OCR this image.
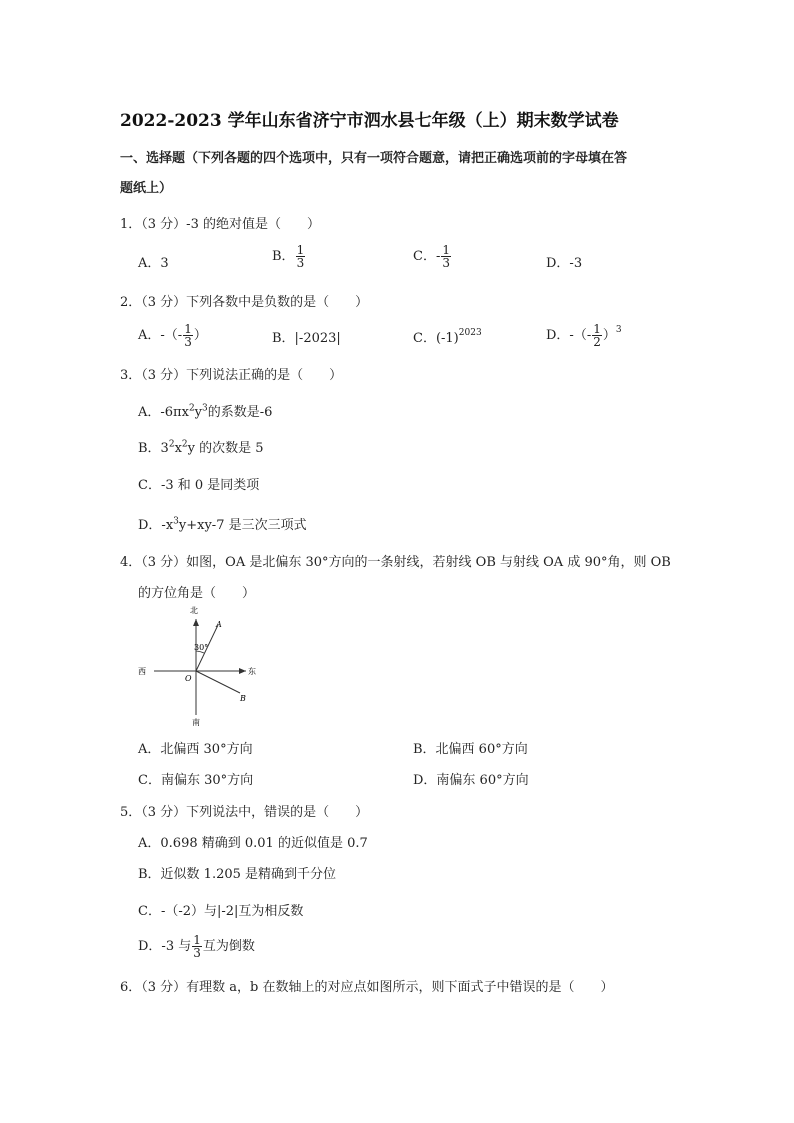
2022-2023 学年山东省济宁市泗水县七年级（上）期末数学试卷
一、选择题（下列各题的四个选项中，只有一项符合题意，请把正确选项前的字母填在答
题纸上）
1．（3 分）-3 的绝对值是（　　）
A．3	B． $\frac{1}{3}$	C．- $\frac{1}{3}$	D．-3
2．（3 分）下列各数中是负数的是（　　）
A．-（- $\frac{1}{3}$ ）	B．|-2023|	C．$(-1)^{2023}$	D．-（- $\frac{1}{2} )^3$
3．（3 分）下列说法正确的是（　　）
A．$-6\pi x^2y^3$的系数是-6
B．$3^2x^2y$ 的次数是 5
C．-3 和 0 是同类项
D．$-x^3y+xy-7$ 是三次三项式
4．（3 分）如图，OA 是北偏东 30°方向的一条射线，若射线 OB 与射线 OA 成 90°角，则 OB
的方位角是（　　）
北
南
东
西
O
A
B
30°
A．北偏西 30°方向	B．北偏西 60°方向
C．南偏东 30°方向	D．南偏东 60°方向
5．（3 分）下列说法中，错误的是（　　）
A．0.698 精确到 0.01 的近似值是 0.7
B．近似数 1.205 是精确到千分位
C．-（-2）与|-2|互为相反数
D．-3 与 $\frac{1}{3}$ 互为倒数
6．（3 分）有理数 a，b 在数轴上的对应点如图所示，则下面式子中错误的是（　　）
